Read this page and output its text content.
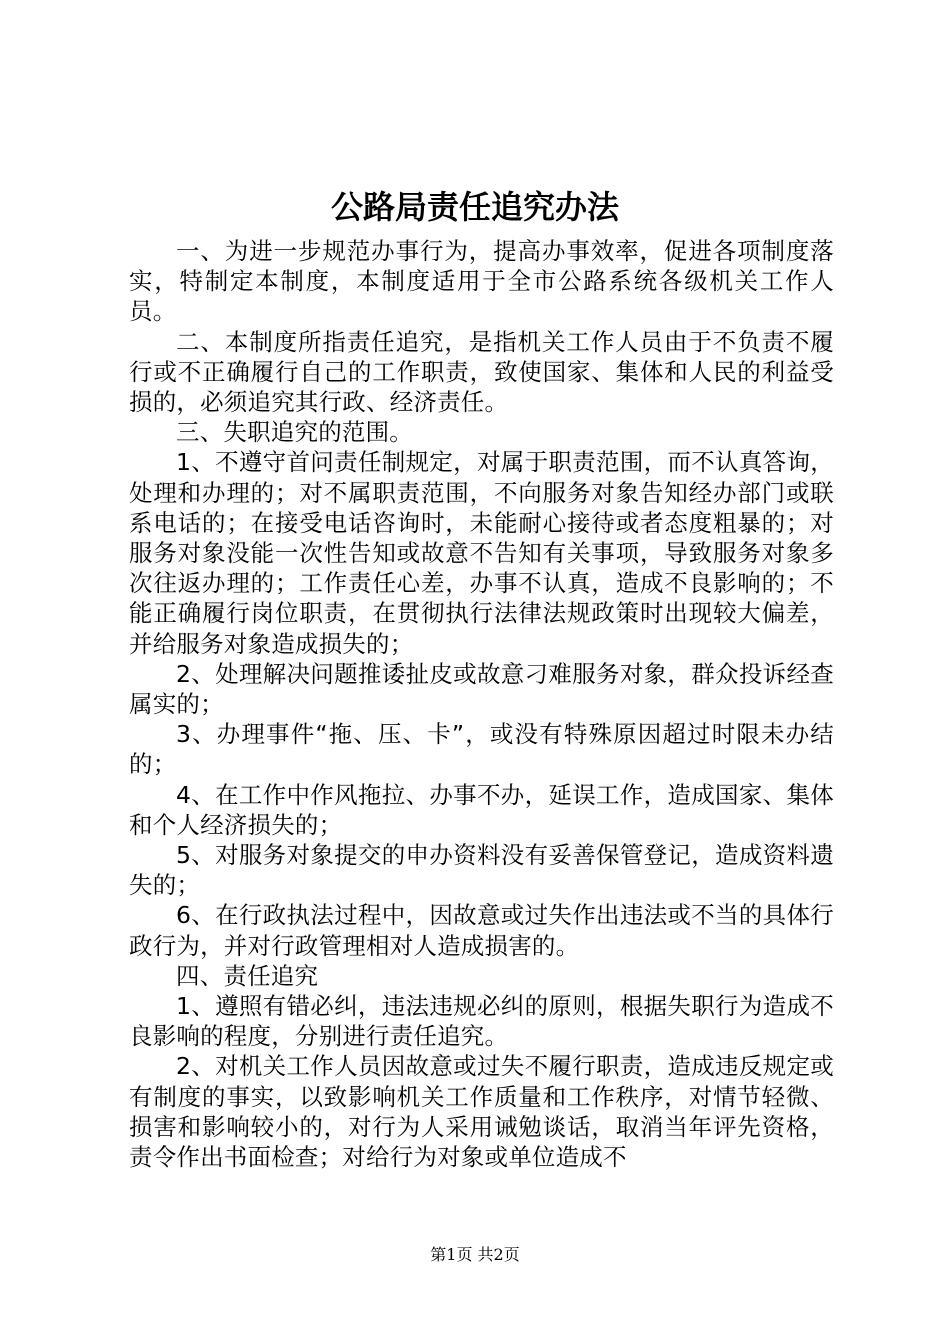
公路局责任追究办法

一、为进一步规范办事行为，提高办事效率，促进各项制度落实，特制定本制度，本制度适用于全市公路系统各级机关工作人员。

二、本制度所指责任追究，是指机关工作人员由于不负责不履行或不正确履行自己的工作职责，致使国家、集体和人民的利益受损的，必须追究其行政、经济责任。

三、失职追究的范围。

1、不遵守首问责任制规定，对属于职责范围，而不认真答询，处理和办理的；对不属职责范围，不向服务对象告知经办部门或联系电话的；在接受电话咨询时，未能耐心接待或者态度粗暴的；对服务对象没能一次性告知或故意不告知有关事项，导致服务对象多次往返办理的；工作责任心差，办事不认真，造成不良影响的；不能正确履行岗位职责，在贯彻执行法律法规政策时出现较大偏差，并给服务对象造成损失的；

2、处理解决问题推诿扯皮或故意刁难服务对象，群众投诉经查属实的；

3、办理事件“拖、压、卡”，或没有特殊原因超过时限未办结的；

4、在工作中作风拖拉、办事不办，延误工作，造成国家、集体和个人经济损失的；

5、对服务对象提交的申办资料没有妥善保管登记，造成资料遗失的；

6、在行政执法过程中，因故意或过失作出违法或不当的具体行政行为，并对行政管理相对人造成损害的。

四、责任追究

1、遵照有错必纠，违法违规必纠的原则，根据失职行为造成不良影响的程度，分别进行责任追究。

2、对机关工作人员因故意或过失不履行职责，造成违反规定或有制度的事实，以致影响机关工作质量和工作秩序，对情节轻微、损害和影响较小的，对行为人采用诫勉谈话，取消当年评先资格，责令作出书面检查；对给行为对象或单位造成不

第1页 共2页
